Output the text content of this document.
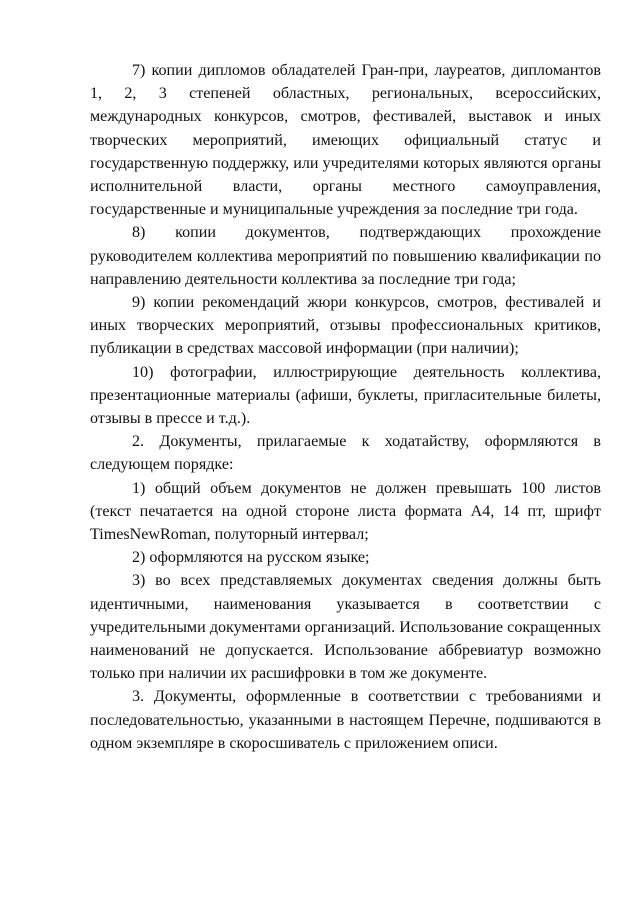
7) копии дипломов обладателей Гран-при, лауреатов, дипломантов 1, 2, 3 степеней областных, региональных, всероссийских, международных конкурсов, смотров, фестивалей, выставок и иных творческих мероприятий, имеющих официальный статус и государственную поддержку, или учредителями которых являются органы исполнительной власти, органы местного самоуправления, государственные и муниципальные учреждения за последние три года.

8) копии документов, подтверждающих прохождение руководителем коллектива мероприятий по повышению квалификации по направлению деятельности коллектива за последние три года;

9) копии рекомендаций жюри конкурсов, смотров, фестивалей и иных творческих мероприятий, отзывы профессиональных критиков, публикации в средствах массовой информации (при наличии);

10) фотографии, иллюстрирующие деятельность коллектива, презентационные материалы (афиши, буклеты, пригласительные билеты, отзывы в прессе и т.д.).

2. Документы, прилагаемые к ходатайству, оформляются в следующем порядке:

1) общий объем документов не должен превышать 100 листов (текст печатается на одной стороне листа формата А4, 14 пт, шрифт TimesNewRoman, полуторный интервал;

2) оформляются на русском языке;

3) во всех представляемых документах сведения должны быть идентичными, наименования указывается в соответствии с учредительными документами организаций. Использование сокращенных наименований не допускается. Использование аббревиатур возможно только при наличии их расшифровки в том же документе.

3. Документы, оформленные в соответствии с требованиями и последовательностью, указанными в настоящем Перечне, подшиваются в одном экземпляре в скоросшиватель с приложением описи.
